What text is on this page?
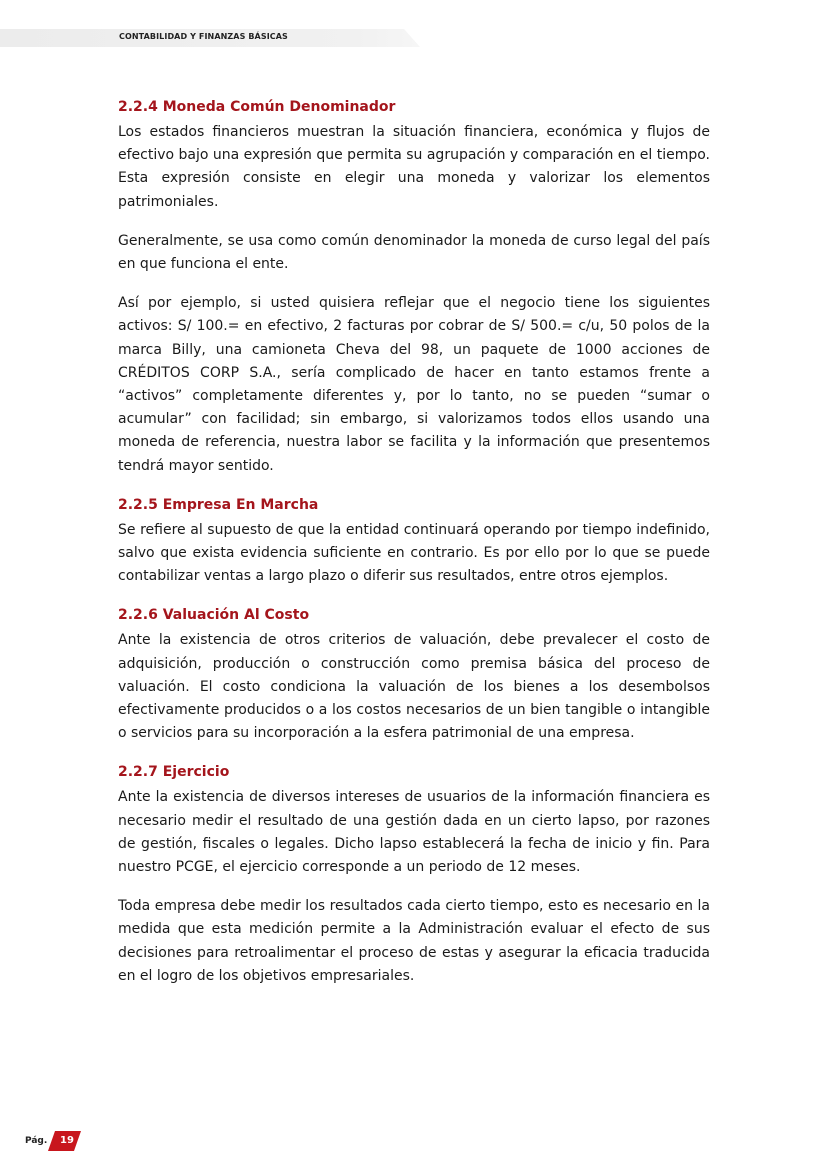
CONTABILIDAD Y FINANZAS BÁSICAS
2.2.4 Moneda Común Denominador

Los estados financieros muestran la situación financiera, económica y flujos de efectivo bajo una expresión que permita su agrupación y comparación en el tiempo. Esta expresión consiste en elegir una moneda y valorizar los elementos patrimoniales.

Generalmente, se usa como común denominador la moneda de curso legal del país en que funciona el ente.

Así por ejemplo, si usted quisiera reflejar que el negocio tiene los siguientes activos: S/ 100.= en efectivo, 2 facturas por cobrar de S/ 500.= c/u, 50 polos de la marca Billy, una camioneta Cheva del 98, un paquete de 1000 acciones de CRÉDITOS CORP S.A., sería complicado de hacer en tanto estamos frente a “activos” completamente diferentes y, por lo tanto, no se pueden “sumar o acumular” con facilidad; sin embargo, si valorizamos todos ellos usando una moneda de referencia, nuestra labor se facilita y la información que presentemos tendrá mayor sentido.

2.2.5 Empresa En Marcha

Se refiere al supuesto de que la entidad continuará operando por tiempo indefinido, salvo que exista evidencia suficiente en contrario. Es por ello por lo que se puede contabilizar ventas a largo plazo o diferir sus resultados, entre otros ejemplos.

2.2.6 Valuación Al Costo

Ante la existencia de otros criterios de valuación, debe prevalecer el costo de adquisición, producción o construcción como premisa básica del proceso de valuación. El costo condiciona la valuación de los bienes a los desembolsos efectivamente producidos o a los costos necesarios de un bien tangible o intangible o servicios para su incorporación a la esfera patrimonial de una empresa.

2.2.7 Ejercicio

Ante la existencia de diversos intereses de usuarios de la información financiera es necesario medir el resultado de una gestión dada en un cierto lapso, por razones de gestión, fiscales o legales. Dicho lapso establecerá la fecha de inicio y fin. Para nuestro PCGE, el ejercicio corresponde a un periodo de 12 meses.

Toda empresa debe medir los resultados cada cierto tiempo, esto es necesario en la medida que esta medición permite a la Administración evaluar el efecto de sus decisiones para retroalimentar el proceso de estas y asegurar la eficacia traducida en el logro de los objetivos empresariales.

Pág.	19
